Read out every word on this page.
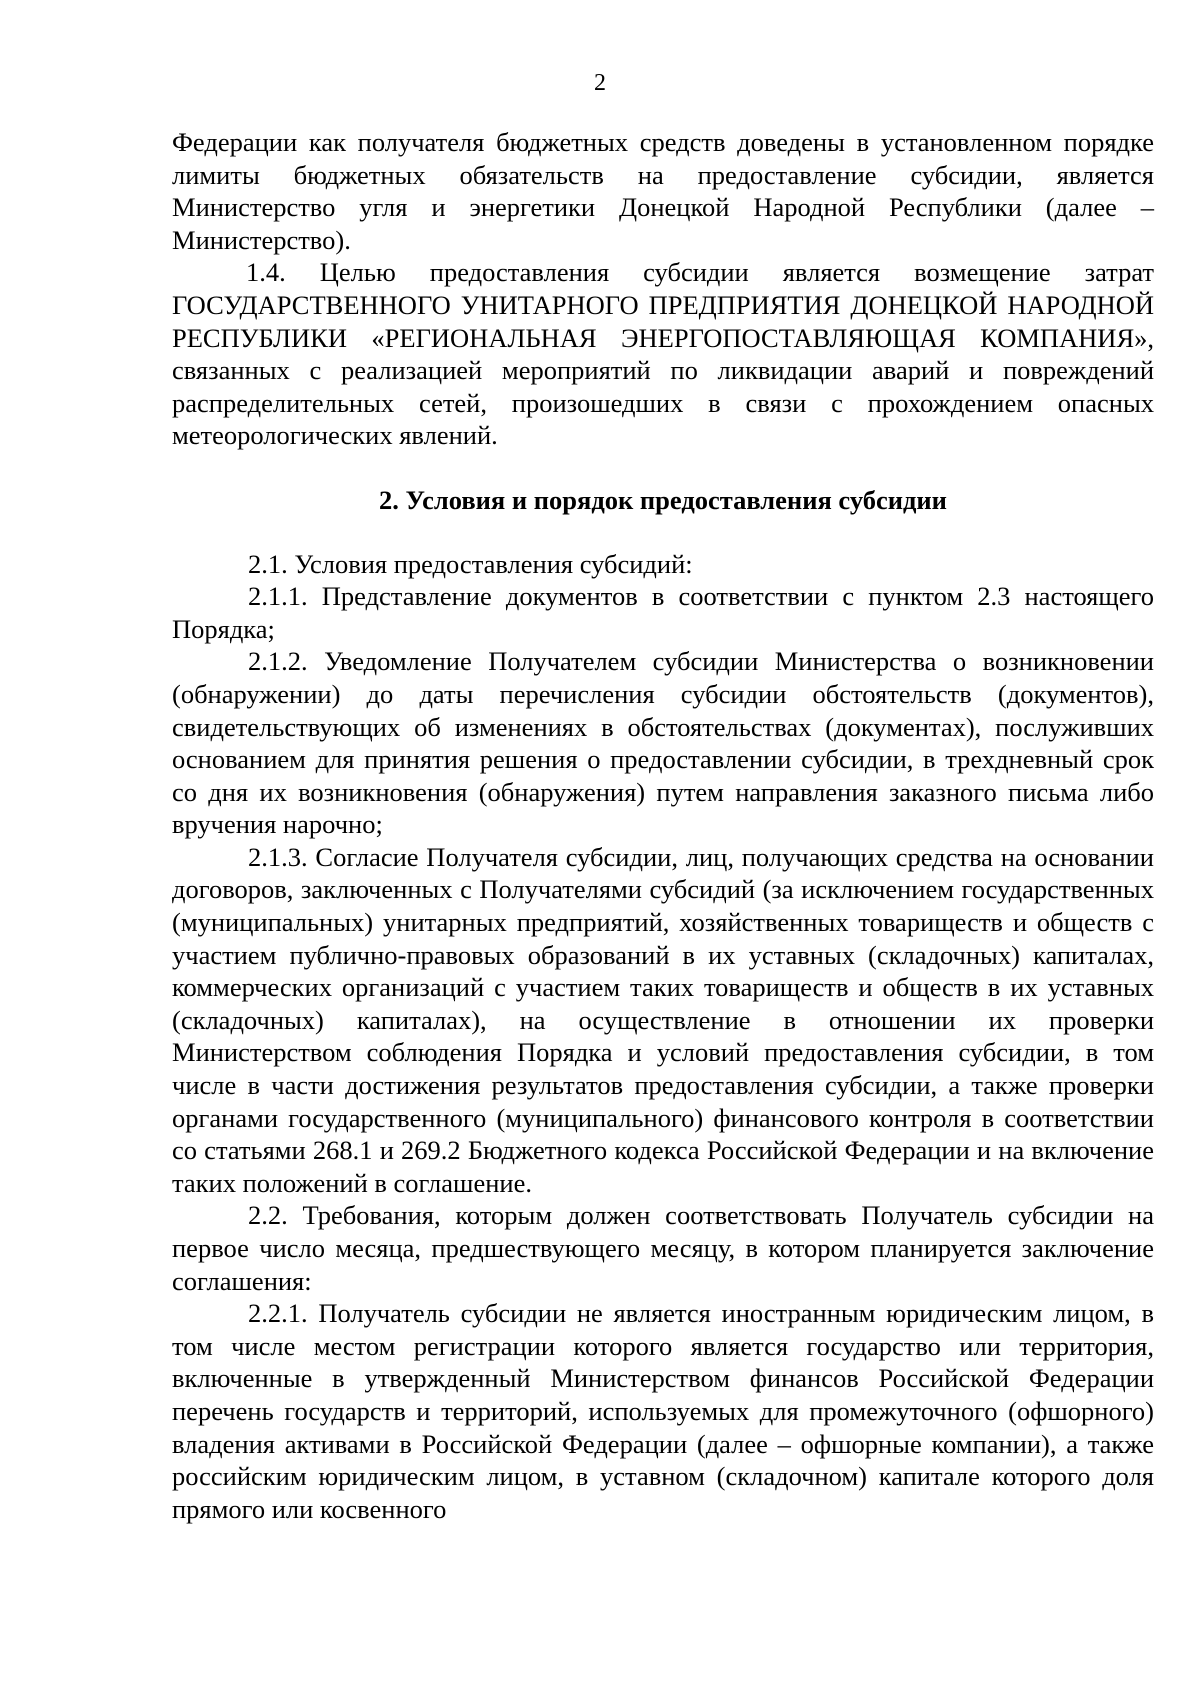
2

Федерации как получателя бюджетных средств доведены в установленном порядке лимиты бюджетных обязательств на предоставление субсидии, является Министерство угля и энергетики Донецкой Народной Республики (далее – Министерство).

1.4. Целью предоставления субсидии является возмещение затрат ГОСУДАРСТВЕННОГО УНИТАРНОГО ПРЕДПРИЯТИЯ ДОНЕЦКОЙ НАРОДНОЙ РЕСПУБЛИКИ «РЕГИОНАЛЬНАЯ ЭНЕРГОПОСТАВЛЯЮЩАЯ КОМПАНИЯ», связанных с реализацией мероприятий по ликвидации аварий и повреждений распределительных сетей, произошедших в связи с прохождением опасных метеорологических явлений.

2. Условия и порядок предоставления субсидии

2.1. Условия предоставления субсидий:

2.1.1. Представление документов в соответствии с пунктом 2.3 настоящего Порядка;

2.1.2. Уведомление Получателем субсидии Министерства о возникновении (обнаружении) до даты перечисления субсидии обстоятельств (документов), свидетельствующих об изменениях в обстоятельствах (документах), послуживших основанием для принятия решения о предоставлении субсидии, в трехдневный срок со дня их возникновения (обнаружения) путем направления заказного письма либо вручения нарочно;

2.1.3. Согласие Получателя субсидии, лиц, получающих средства на основании договоров, заключенных с Получателями субсидий (за исключением государственных (муниципальных) унитарных предприятий, хозяйственных товариществ и обществ с участием публично-правовых образований в их уставных (складочных) капиталах, коммерческих организаций с участием таких товариществ и обществ в их уставных (складочных) капиталах), на осуществление в отношении их проверки Министерством соблюдения Порядка и условий предоставления субсидии, в том числе в части достижения результатов предоставления субсидии, а также проверки органами государственного (муниципального) финансового контроля в соответствии со статьями 268.1 и 269.2 Бюджетного кодекса Российской Федерации и на включение таких положений в соглашение.

2.2. Требования, которым должен соответствовать Получатель субсидии на первое число месяца, предшествующего месяцу, в котором планируется заключение соглашения:

2.2.1. Получатель субсидии не является иностранным юридическим лицом, в том числе местом регистрации которого является государство или территория, включенные в утвержденный Министерством финансов Российской Федерации перечень государств и территорий, используемых для промежуточного (офшорного) владения активами в Российской Федерации (далее – офшорные компании), а также российским юридическим лицом, в уставном (складочном) капитале которого доля прямого или косвенного
